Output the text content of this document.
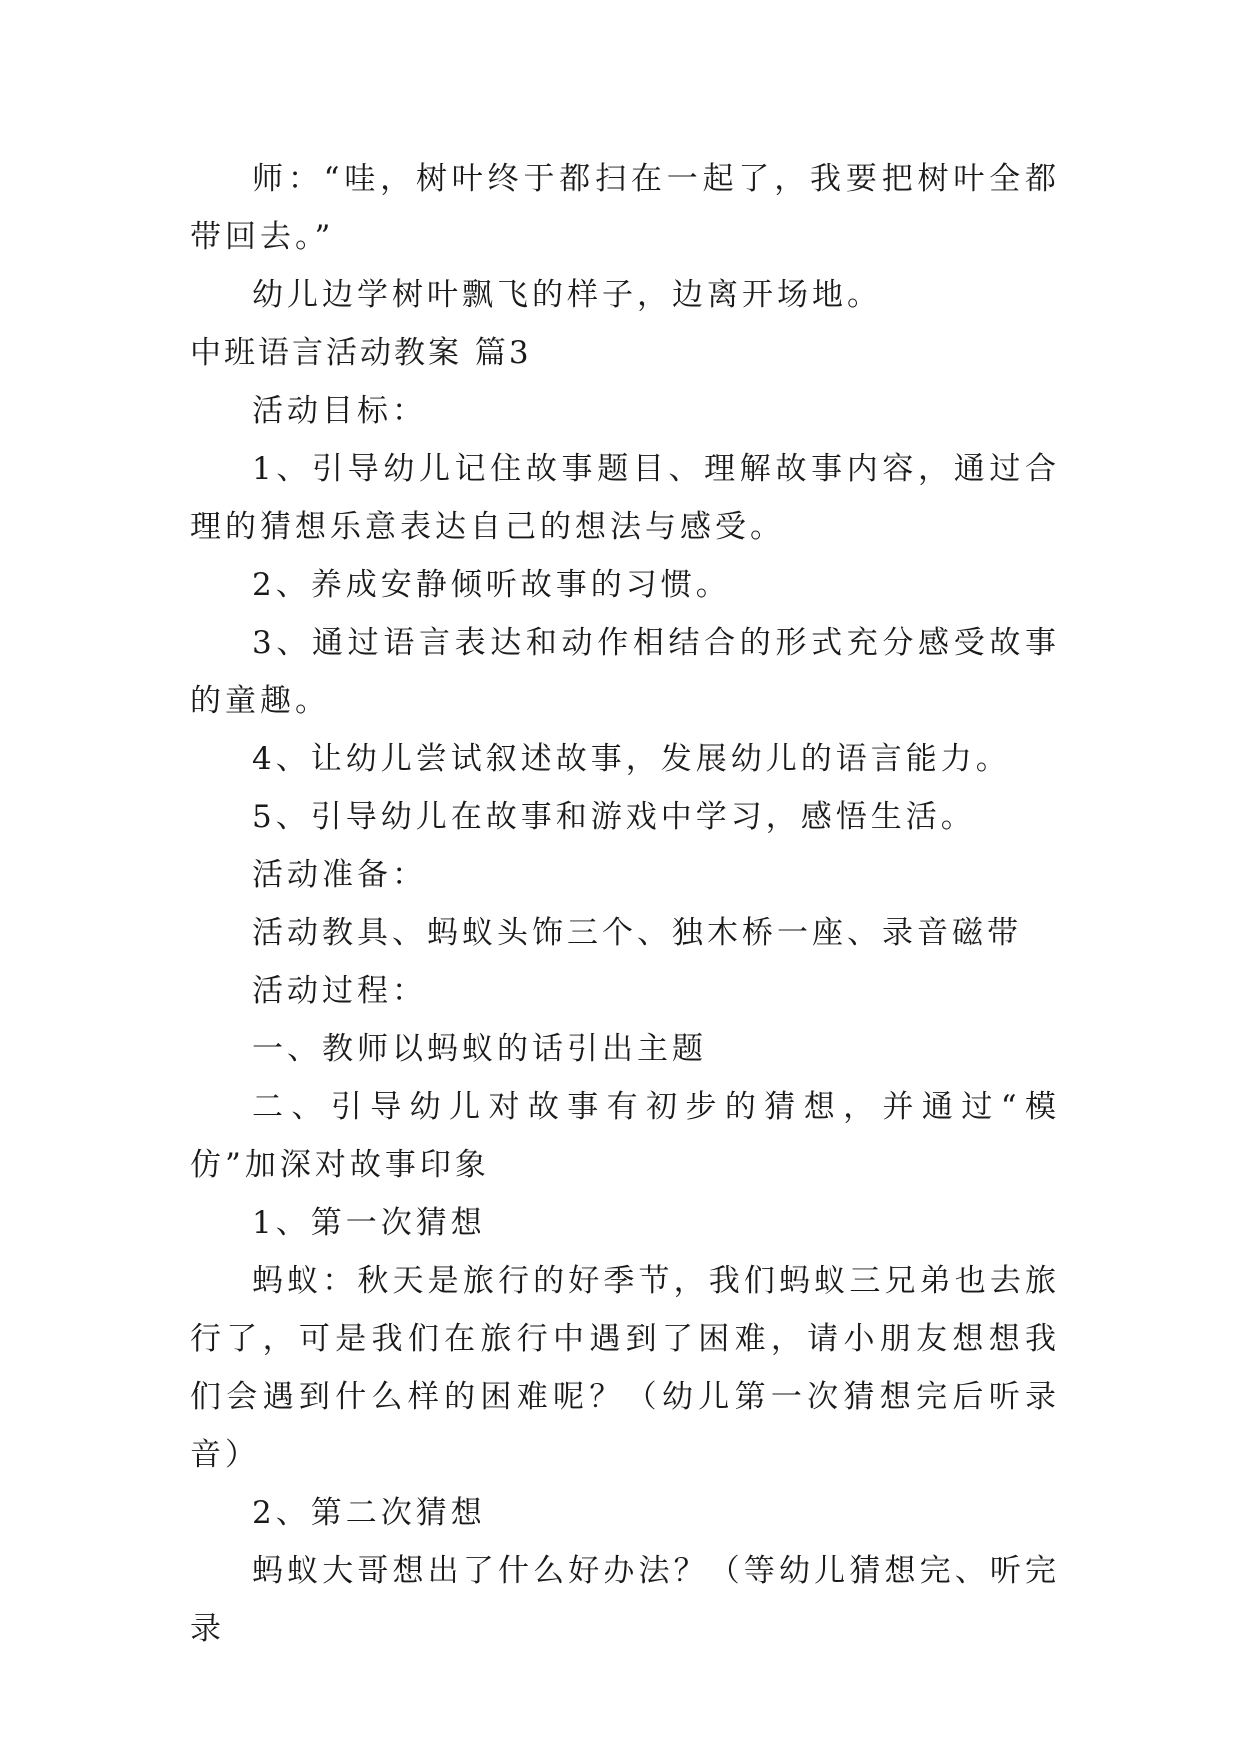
师：“哇，树叶终于都扫在一起了，我要把树叶全都带回去。”

幼儿边学树叶飘飞的样子，边离开场地。

中班语言活动教案 篇3

活动目标：

1、引导幼儿记住故事题目、理解故事内容，通过合理的猜想乐意表达自己的想法与感受。

2、养成安静倾听故事的习惯。

3、通过语言表达和动作相结合的形式充分感受故事的童趣。

4、让幼儿尝试叙述故事，发展幼儿的语言能力。

5、引导幼儿在故事和游戏中学习，感悟生活。

活动准备：

活动教具、蚂蚁头饰三个、独木桥一座、录音磁带

活动过程：

一、教师以蚂蚁的话引出主题

二、引导幼儿对故事有初步的猜想，并通过“模仿”加深对故事印象

1、第一次猜想

蚂蚁：秋天是旅行的好季节，我们蚂蚁三兄弟也去旅行了，可是我们在旅行中遇到了困难，请小朋友想想我们会遇到什么样的困难呢？（幼儿第一次猜想完后听录音）

2、第二次猜想

蚂蚁大哥想出了什么好办法？（等幼儿猜想完、听完录
